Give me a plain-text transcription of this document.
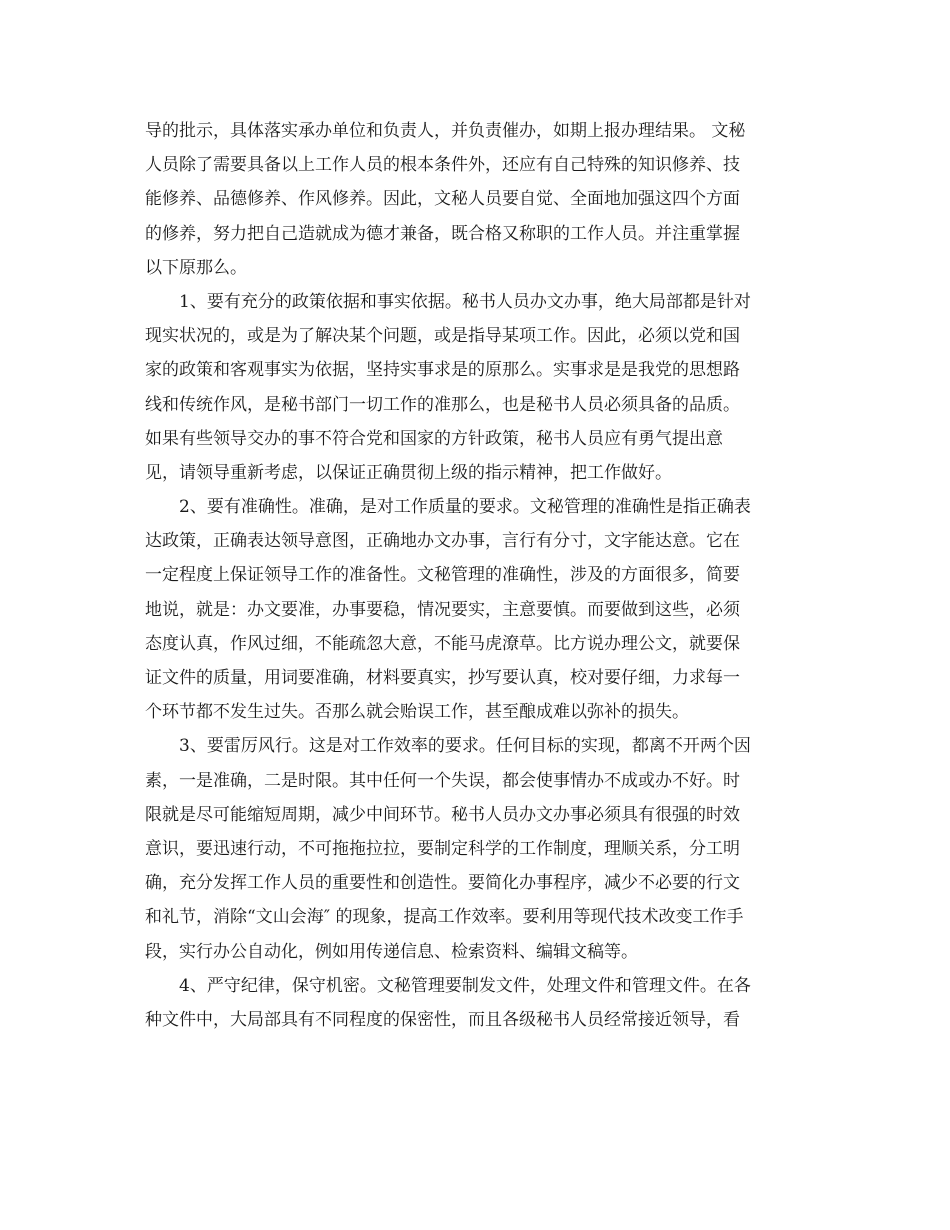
导的批示，具体落实承办单位和负责人，并负责催办，如期上报办理结果。 文秘
人员除了需要具备以上工作人员的根本条件外，还应有自己特殊的知识修养、技
能修养、品德修养、作风修养。因此，文秘人员要自觉、全面地加强这四个方面
的修养，努力把自己造就成为德才兼备，既合格又称职的工作人员。并注重掌握
以下原那么。
1、要有充分的政策依据和事实依据。秘书人员办文办事，绝大局部都是针对
现实状况的，或是为了解决某个问题，或是指导某项工作。因此，必须以党和国
家的政策和客观事实为依据，坚持实事求是的原那么。实事求是是我党的思想路
线和传统作风，是秘书部门一切工作的准那么，也是秘书人员必须具备的品质。
如果有些领导交办的事不符合党和国家的方针政策，秘书人员应有勇气提出意
见，请领导重新考虑，以保证正确贯彻上级的指示精神，把工作做好。
2、要有准确性。准确，是对工作质量的要求。文秘管理的准确性是指正确表
达政策，正确表达领导意图，正确地办文办事，言行有分寸，文字能达意。它在
一定程度上保证领导工作的准备性。文秘管理的准确性，涉及的方面很多，简要
地说，就是：办文要准，办事要稳，情况要实，主意要慎。而要做到这些，必须
态度认真，作风过细，不能疏忽大意，不能马虎潦草。比方说办理公文，就要保
证文件的质量，用词要准确，材料要真实，抄写要认真，校对要仔细，力求每一
个环节都不发生过失。否那么就会贻误工作，甚至酿成难以弥补的损失。
3、要雷厉风行。这是对工作效率的要求。任何目标的实现，都离不开两个因
素，一是准确，二是时限。其中任何一个失误，都会使事情办不成或办不好。时
限就是尽可能缩短周期，减少中间环节。秘书人员办文办事必须具有很强的时效
意识，要迅速行动，不可拖拖拉拉，要制定科学的工作制度，理顺关系，分工明
确，充分发挥工作人员的重要性和创造性。要简化办事程序，减少不必要的行文
和礼节，消除“文山会海″ 的现象，提高工作效率。要利用等现代技术改变工作手
段，实行办公自动化，例如用传递信息、检索资料、编辑文稿等。
4、严守纪律，保守机密。文秘管理要制发文件，处理文件和管理文件。在各
种文件中，大局部具有不同程度的保密性，而且各级秘书人员经常接近领导，看
